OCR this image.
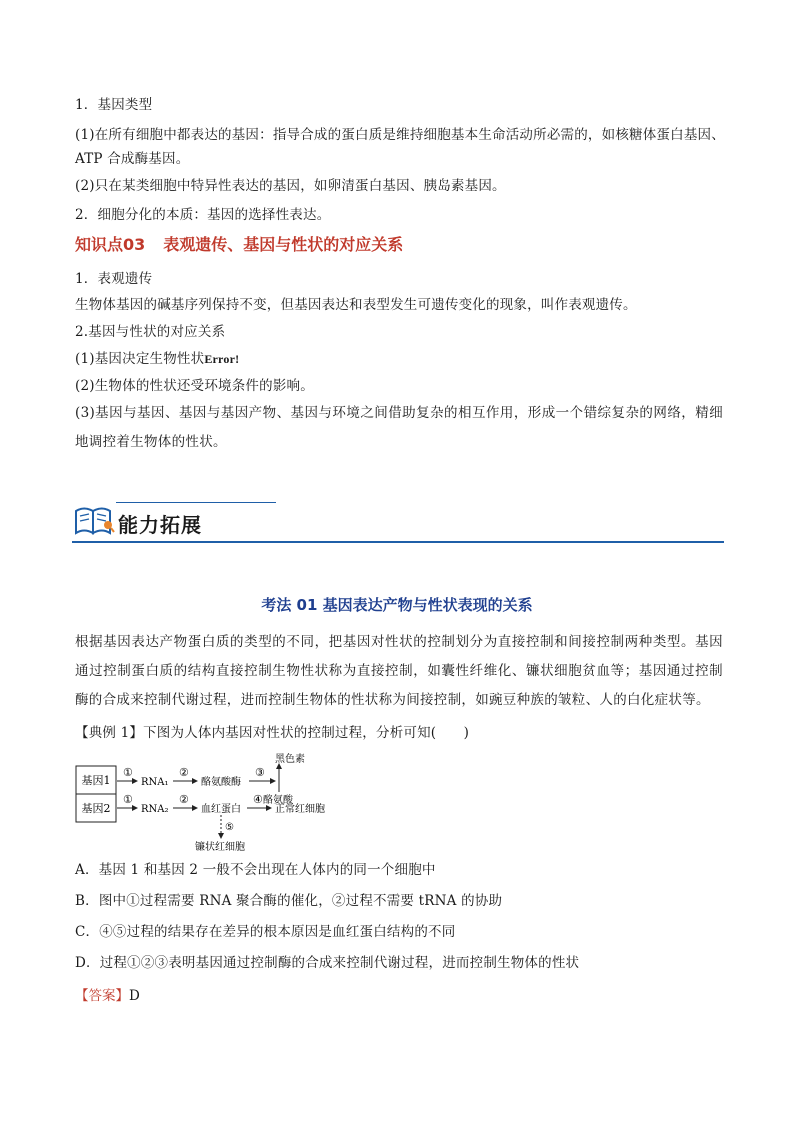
1．基因类型
(1)在所有细胞中都表达的基因：指导合成的蛋白质是维持细胞基本生命活动所必需的，如核糖体蛋白基因、
ATP 合成酶基因。
(2)只在某类细胞中特异性表达的基因，如卵清蛋白基因、胰岛素基因。
2．细胞分化的本质：基因的选择性表达。
知识点03 表观遗传、基因与性状的对应关系
1．表观遗传
生物体基因的碱基序列保持不变，但基因表达和表型发生可遗传变化的现象，叫作表观遗传。
2.基因与性状的对应关系
(1)基因决定生物性状Error!
(2)生物体的性状还受环境条件的影响。
(3)基因与基因、基因与基因产物、基因与环境之间借助复杂的相互作用，形成一个错综复杂的网络，精细地调控着生物体的性状。
能力拓展
考法 01 基因表达产物与性状表现的关系
根据基因表达产物蛋白质的类型的不同，把基因对性状的控制划分为直接控制和间接控制两种类型。基因通过控制蛋白质的结构直接控制生物性状称为直接控制，如囊性纤维化、镰状细胞贫血等；基因通过控制酶的合成来控制代谢过程，进而控制生物体的性状称为间接控制，如豌豆种族的皱粒、人的白化症状等。
【典例 1】下图为人体内基因对性状的控制过程，分析可知(　　)
基因1
基因2
①
RNA₁
②
酪氨酸酶
③
黑色素
酪氨酸
①
RNA₂
②
血红蛋白
④
正常红细胞
⑤
镰状红细胞
A．基因 1 和基因 2 一般不会出现在人体内的同一个细胞中
B．图中①过程需要 RNA 聚合酶的催化，②过程不需要 tRNA 的协助
C．④⑤过程的结果存在差异的根本原因是血红蛋白结构的不同
D．过程①②③表明基因通过控制酶的合成来控制代谢过程，进而控制生物体的性状
【答案】D
